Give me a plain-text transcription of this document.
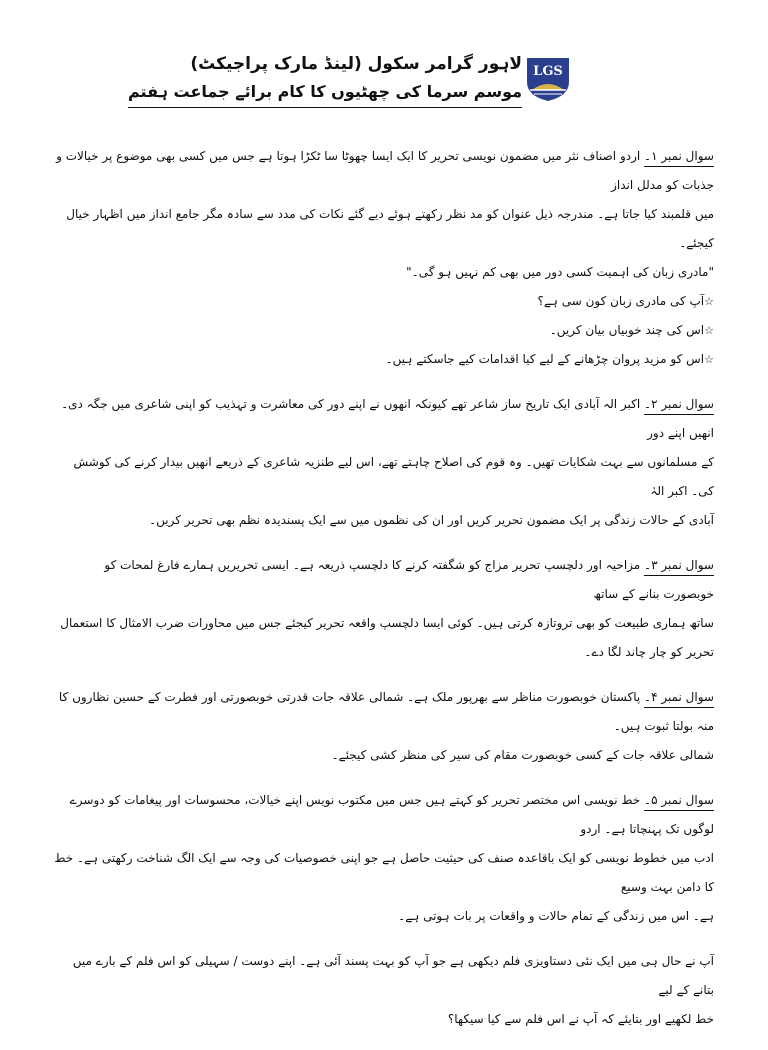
لاہور گرامر سکول (لینڈ مارک پراجیکٹ)
موسم سرما کی چھٹیوں کا کام برائے جماعت ہفتم
LGS

سوال نمبر ۱۔ اردو اصناف نثر میں مضمون نویسی تحریر کا ایک ایسا چھوٹا سا ٹکڑا ہوتا ہے جس میں کسی بھی موضوع پر خیالات و جذبات کو مدلل انداز

میں قلمبند کیا جاتا ہے۔ مندرجہ ذیل عنوان کو مد نظر رکھتے ہوئے دیے گئے نکات کی مدد سے سادہ مگر جامع انداز میں اظہار خیال کیجئے۔

"مادری زبان کی اہمیت کسی دور میں بھی کم نہیں ہو گی۔"

☆آپ کی مادری زبان کون سی ہے؟

☆اس کی چند خوبیاں بیان کریں۔

☆اس کو مزید پروان چڑھانے کے لیے کیا اقدامات کیے جاسکتے ہیں۔

سوال نمبر ۲۔ اکبر الہ آبادی ایک تاریخ ساز شاعر تھے کیونکہ انھوں نے اپنے دور کی معاشرت و تہذیب کو اپنی شاعری میں جگہ دی۔ انھیں اپنے دور

کے مسلمانوں سے بہت شکایات تھیں۔ وہ قوم کی اصلاح چاہتے تھے، اس لیے طنزیہ شاعری کے ذریعے انھیں بیدار کرنے کی کوشش کی۔ اکبر الہٰ

آبادی کے حالات زندگی پر ایک مضمون تحریر کریں اور ان کی نظموں میں سے ایک پسندیدہ نظم بھی تحریر کریں۔

سوال نمبر ۳۔ مزاحیہ اور دلچسپ تحریر مزاج کو شگفتہ کرنے کا دلچسپ ذریعہ ہے۔ ایسی تحریریں ہمارے فارغ لمحات کو خوبصورت بنانے کے ساتھ

ساتھ ہماری طبیعت کو بھی تروتازہ کرتی ہیں۔ کوئی ایسا دلچسپ واقعہ تحریر کیجئے جس میں محاورات ضرب الامثال کا استعمال تحریر کو چار چاند لگا دے۔

سوال نمبر ۴۔ پاکستان خوبصورت مناظر سے بھرپور ملک ہے۔ شمالی علاقہ جات قدرتی خوبصورتی اور فطرت کے حسین نظاروں کا منہ بولتا ثبوت ہیں۔

شمالی علاقہ جات کے کسی خوبصورت مقام کی سیر کی منظر کشی کیجئے۔

سوال نمبر ۵۔ خط نویسی اس مختصر تحریر کو کہتے ہیں جس میں مکتوب نویس اپنے خیالات، محسوسات اور پیغامات کو دوسرے لوگوں تک پہنچاتا ہے۔ اردو

ادب میں خطوط نویسی کو ایک باقاعدہ صنف کی حیثیت حاصل ہے جو اپنی خصوصیات کی وجہ سے ایک الگ شناخت رکھتی ہے۔ خط کا دامن بہت وسیع

ہے۔ اس میں زندگی کے تمام حالات و واقعات پر بات ہوتی ہے۔

آپ نے حال ہی میں ایک نئی دستاویزی فلم دیکھی ہے جو آپ کو بہت پسند آئی ہے۔ اپنے دوست / سہیلی کو اس فلم کے بارے میں بتانے کے لیے

خط لکھیے اور بتایئے کہ آپ نے اس فلم سے کیا سیکھا؟
